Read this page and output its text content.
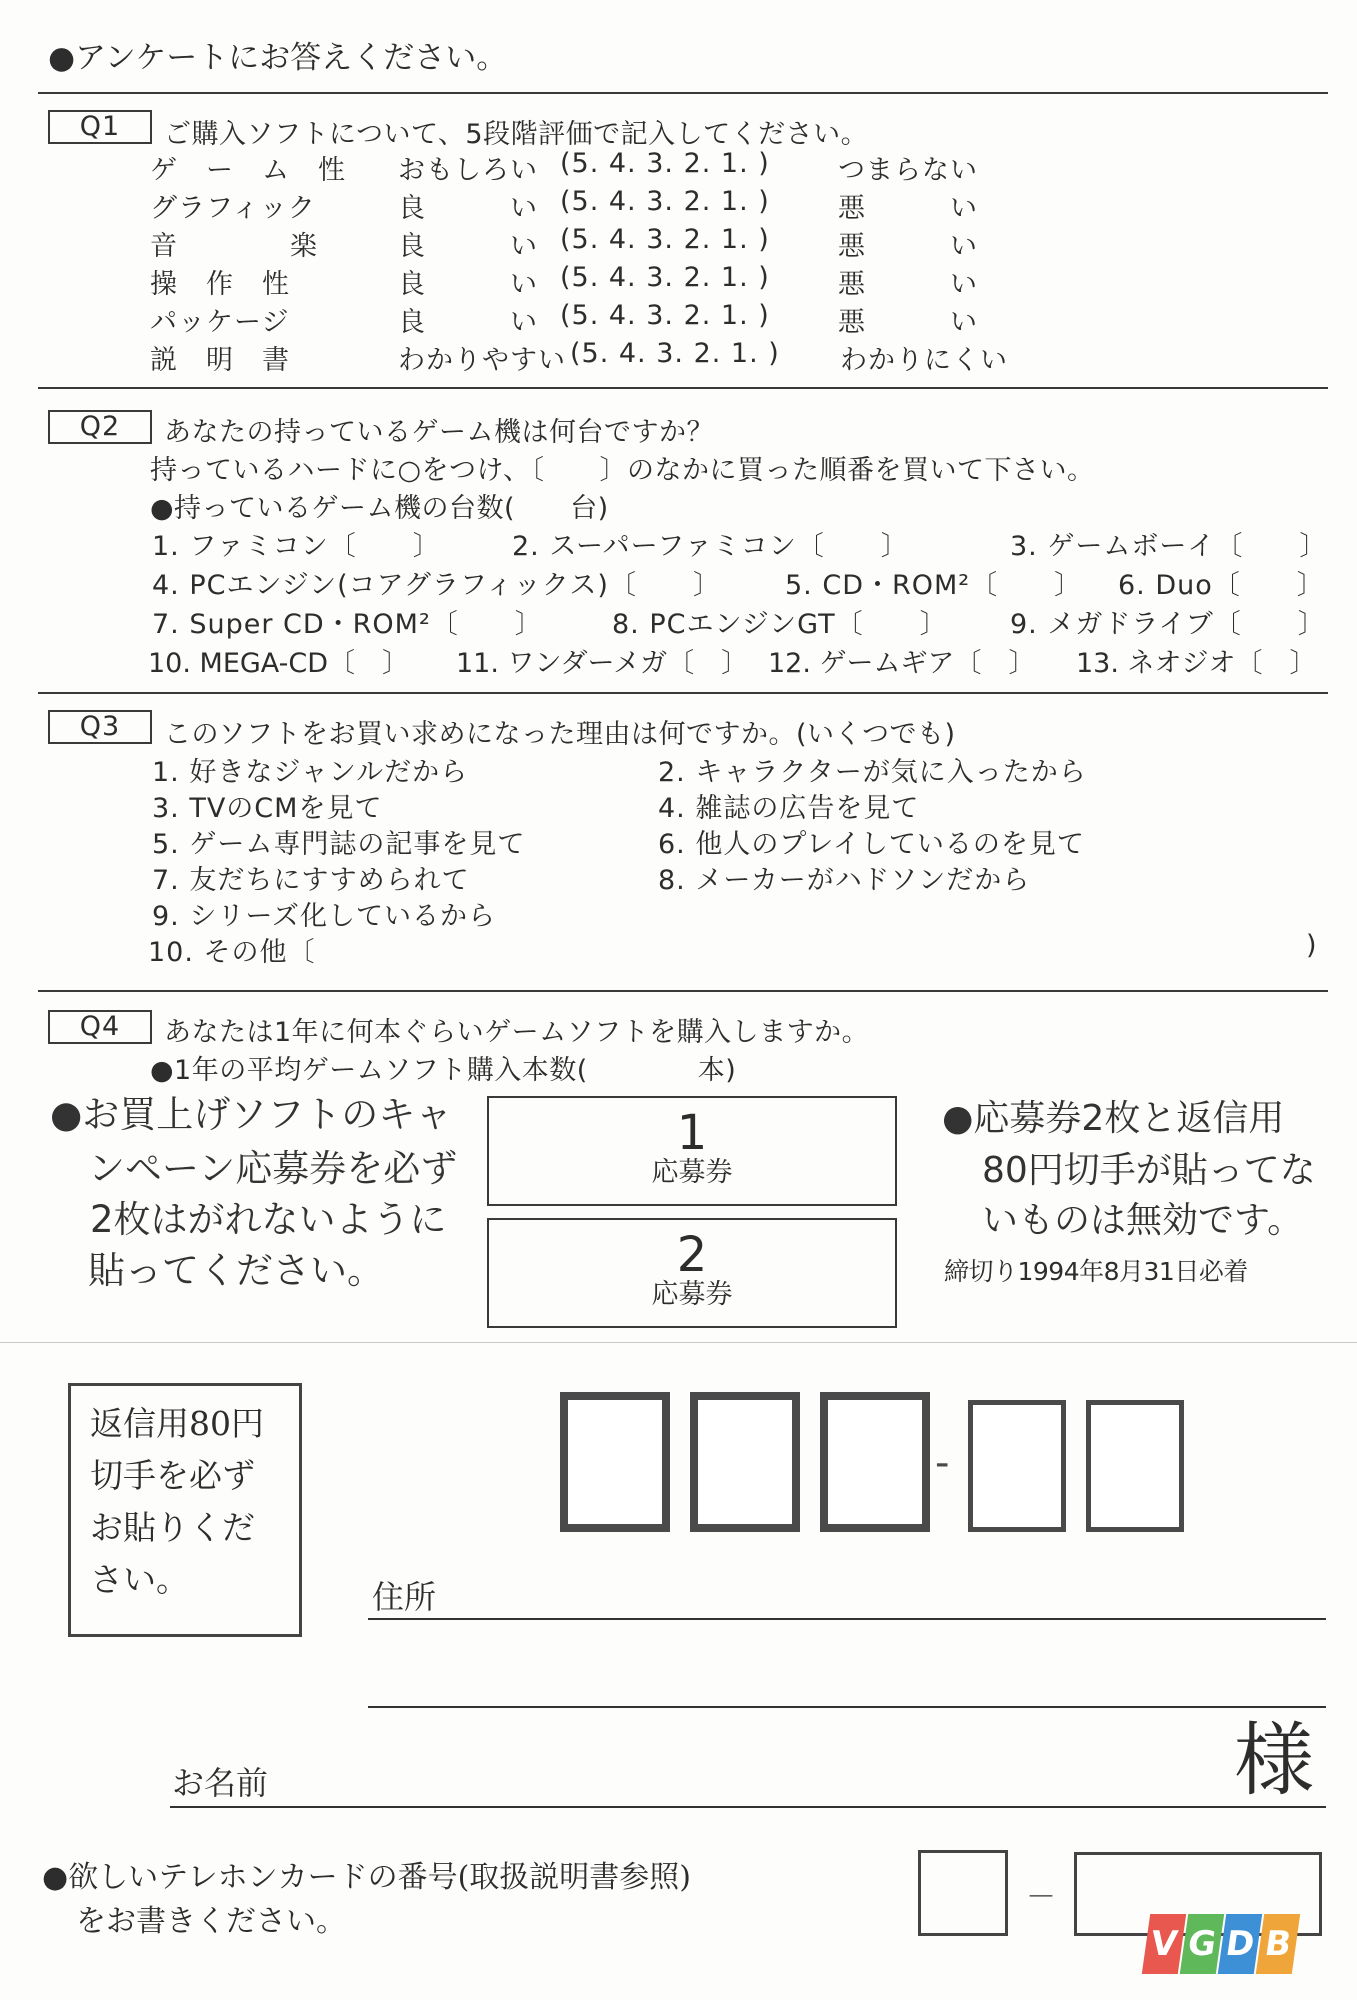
●アンケートにお答えください。
Q1	ご購入ソフトについて、5段階評価で記入してください。
ゲ　ー　ム　性 おもしろい (5. 4. 3. 2. 1. )	つまらない
グラフィック	良　　　い (5. 4. 3. 2. 1. )	悪　　　い
音　　　　楽	良　　　い (5. 4. 3. 2. 1. )	悪　　　い
操　作　性	良　　　い (5. 4. 3. 2. 1. )	悪　　　い
パッケージ	良　　　い (5. 4. 3. 2. 1. )	悪　　　い
説　明　書	わかりやすい (5. 4. 3. 2. 1. ) わかりにくい
Q2	あなたの持っているゲーム機は何台ですか？
持っているハードに○をつけ、〔　　〕のなかに買った順番を買いて下さい。
●持っているゲーム機の台数(　　台)
1. ファミコン〔　　〕	2. スーパーファミコン〔　　〕	3. ゲームボーイ〔　　〕
4. PCエンジン(コアグラフィックス)〔　　〕 5. CD・ROM²〔　　〕 6. Duo〔　　〕
7. Super CD・ROM²〔　　〕	8. PCエンジンGT〔　　〕 9. メガドライブ〔　　〕
10. MEGA-CD〔　〕 11. ワンダーメガ〔　〕 12. ゲームギア〔　〕 13. ネオジオ〔　〕
Q3	このソフトをお買い求めになった理由は何ですか。(いくつでも)
1. 好きなジャンルだから
3. TVのCMを見て
5. ゲーム専門誌の記事を見て
7. 友だちにすすめられて
9. シリーズ化しているから
2. キャラクターが気に入ったから
4. 雑誌の広告を見て
6. 他人のプレイしているのを見て
8. メーカーがハドソンだから
10. その他〔	)
Q4	あなたは1年に何本ぐらいゲームソフトを購入しますか。
●1年の平均ゲームソフト購入本数(　　　　本)
●お買上げソフトのキャ
ンペーン応募券を必ず
2枚はがれないように
貼ってください。
1
応募券
2
応募券
●応募券2枚と返信用
80円切手が貼ってな
いものは無効です。
締切り1994年8月31日必着
返信用80円
切手を必ず
お貼りくだ
さい。
-
住所
お名前	様
●欲しいテレホンカードの番号(取扱説明書参照)
をお書きください。
－
V G D B
